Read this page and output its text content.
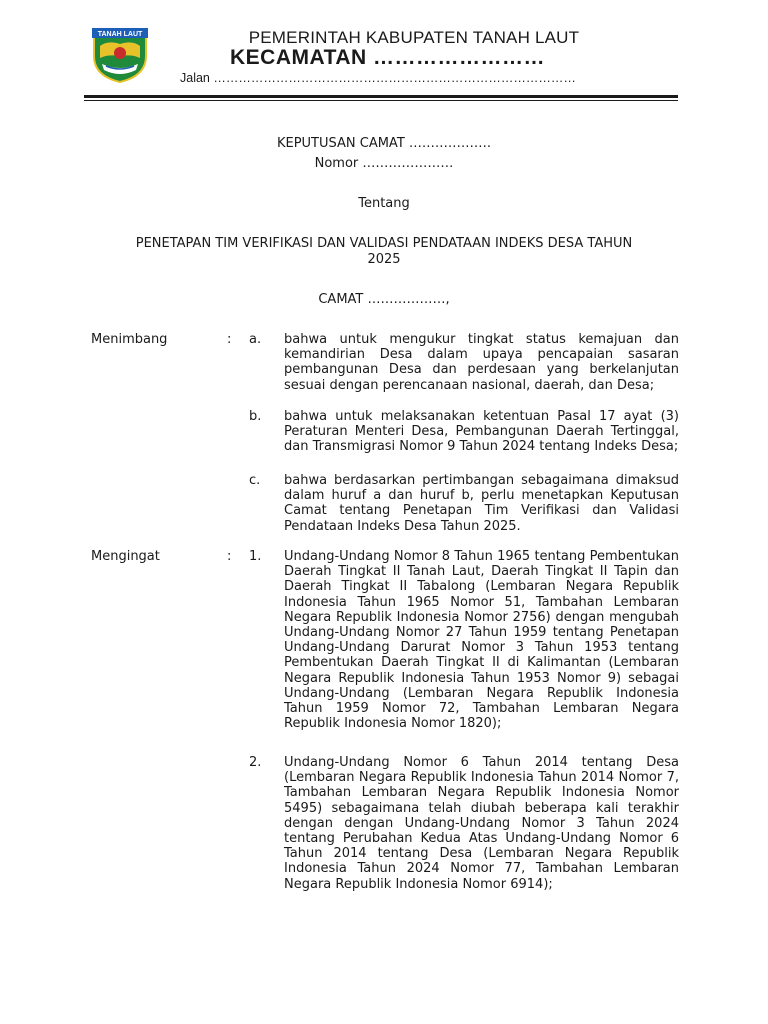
TANAH LAUT	PEMERINTAH KABUPATEN TANAH LAUT
KECAMATAN ……………………
Jalan ……………………………………………………………………………
KEPUTUSAN CAMAT ……………….
Nomor …………………
Tentang
PENETAPAN TIM VERIFIKASI DAN VALIDASI PENDATAAN INDEKS DESA TAHUN
2025
CAMAT ………………,
Menimbang	: a. bahwa untuk mengukur tingkat status kemajuan dan kemandirian Desa dalam upaya pencapaian sasaran pembangunan Desa dan perdesaan yang berkelanjutan sesuai dengan perencanaan nasional, daerah, dan Desa;
b. bahwa untuk melaksanakan ketentuan Pasal 17 ayat (3) Peraturan Menteri Desa, Pembangunan Daerah Tertinggal, dan Transmigrasi Nomor 9 Tahun 2024 tentang Indeks Desa;
c. bahwa berdasarkan pertimbangan sebagaimana dimaksud dalam huruf a dan huruf b, perlu menetapkan Keputusan Camat tentang Penetapan Tim Verifikasi dan Validasi Pendataan Indeks Desa Tahun 2025.
Mengingat	: 1. Undang-Undang Nomor 8 Tahun 1965 tentang Pembentukan Daerah Tingkat II Tanah Laut, Daerah Tingkat II Tapin dan Daerah Tingkat II Tabalong (Lembaran Negara Republik Indonesia Tahun 1965 Nomor 51, Tambahan Lembaran Negara Republik Indonesia Nomor 2756) dengan mengubah Undang-Undang Nomor 27 Tahun 1959 tentang Penetapan Undang-Undang Darurat Nomor 3 Tahun 1953 tentang Pembentukan Daerah Tingkat II di Kalimantan (Lembaran Negara Republik Indonesia Tahun 1953 Nomor 9) sebagai Undang-Undang (Lembaran Negara Republik Indonesia Tahun 1959 Nomor 72, Tambahan Lembaran Negara Republik Indonesia Nomor 1820);
2. Undang-Undang Nomor 6 Tahun 2014 tentang Desa (Lembaran Negara Republik Indonesia Tahun 2014 Nomor 7, Tambahan Lembaran Negara Republik Indonesia Nomor 5495) sebagaimana telah diubah beberapa kali terakhir dengan dengan Undang-Undang Nomor 3 Tahun 2024 tentang Perubahan Kedua Atas Undang-Undang Nomor 6 Tahun 2014 tentang Desa (Lembaran Negara Republik Indonesia Tahun 2024 Nomor 77, Tambahan Lembaran Negara Republik Indonesia Nomor 6914);
